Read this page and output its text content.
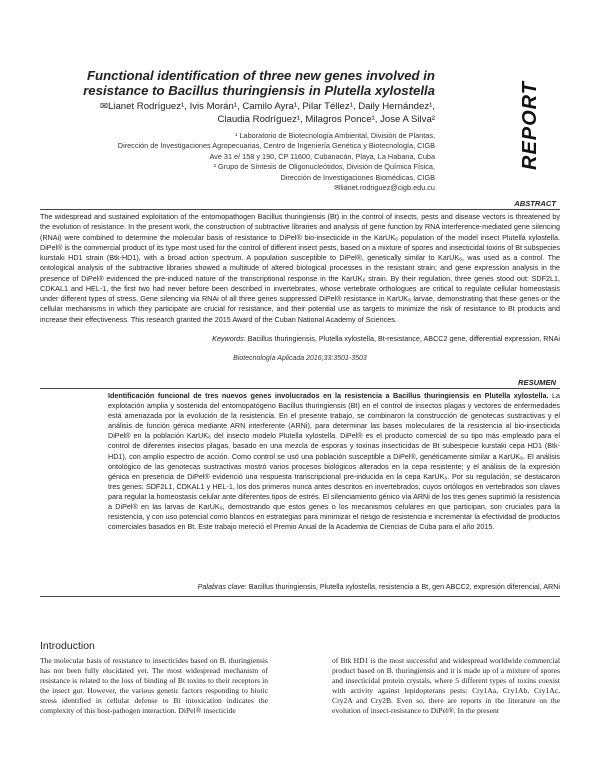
Functional identification of three new genes involved in
resistance to Bacillus thuringiensis in Plutella xylostella	REPORT
✉Lianet Rodríguez¹, Ivis Morán¹, Camilo Ayra¹, Pilar Téllez¹, Daily Hernández¹,
Claudia Rodríguez¹, Milagros Ponce¹, Jose A Silva²
¹ Laboratorio de Biotecnología Ambiental, División de Plantas,
Dirección de Investigaciones Agropecuarias, Centro de Ingeniería Genética y Biotecnología, CIGB
Ave 31 e/ 158 y 190, CP 11600, Cubanacán, Playa, La Habana, Cuba
² Grupo de Síntesis de Oligonucleótidos, División de Química Física,
Dirección de Investigaciones Biomédicas, CIGB
✉lianet.rodriguez@cigb.edu.cu
ABSTRACT
The widespread and sustained exploitation of the entomopathogen Bacillus thuringiensis (Bt) in the control of insects, pests and disease vectors is threatened by the evolution of resistance. In the present work, the construction of subtractive libraries and analysis of gene function by RNA interference-mediated gene silencing (RNAi) were combined to determine the molecular basis of resistance to DiPel® bio-insecticide in the KarUK₆ population of the model insect Plutella xylostella. DiPel® is the commercial product of its type most used for the control of different insect pests, based on a mixture of spores and insecticidal toxins of Bt subspecies kurstaki HD1 strain (Btk-HD1), with a broad action spectrum. A population susceptible to DiPel®, genetically similar to KarUK₆, was used as a control. The ontological analysis of the subtractive libraries showed a multitude of altered biological processes in the resistant strain; and gene expression analysis in the presence of DiPel® evidenced the pre-induced nature of the transcriptional response in the KarUK₆ strain. By their regulation, three genes stood out: SDF2L1, CDKAL1 and HEL-1, the first two had never before been described in invertebrates, whose vertebrate orthologues are critical to regulate cellular homeostasis under different types of stress. Gene silencing via RNAi of all three genes suppressed DiPel® resistance in KarUK₆ larvae, demonstrating that these genes or the cellular mechanisms in which they participate are crucial for resistance, and their potential use as targets to minimize the risk of resistance to Bt products and increase their effectiveness. This research granted the 2015 Award of the Cuban National Academy of Sciences.
Keywords: Bacillus thuringiensis, Plutella xylostella, Bt-resistance, ABCC2 gene, differential expression, RNAi
Biotecnología Aplicada 2016;33:3501-3503
RESUMEN
Identificación funcional de tres nuevos genes involucrados en la resistencia a Bacillus thuringiensis en Plutella xylostella. La explotación amplia y sostenida del entomopatógeno Bacillus thuringiensis (Bt) en el control de insectos plagas y vectores de enfermedades está amenazada por la evolución de la resistencia. En el presente trabajo, se combinaron la construcción de genotecas sustractivas y el análisis de función génica mediante ARN interferente (ARNi), para determinar las bases moleculares de la resistencia al bio-insecticida DiPel® en la población KarUK₆ del insecto modelo Plutella xylostella. DiPel® es el producto comercial de su tipo más empleado para el control de diferentes insectos plagas, basado en una mezcla de esporas y toxinas insecticidas de Bt subespecie kurstaki cepa HD1 (Btk-HD1), con amplio espectro de acción. Como control se usó una población susceptible a DiPel®, genéticamente similar a KarUK₆. El análisis ontológico de las genotecas sustractivas mostró varios procesos biológicos alterados en la cepa resistente; y el análisis de la expresión génica en presencia de DiPel® evidenció una respuesta transcripcional pre-inducida en la cepa KarUK₆. Por su regulación, se destacaron tres genes: SDF2L1, CDKAL1 y HEL-1, los dos primeros nunca antes descritos en invertebrados, cuyos ortólogos en vertebrados son claves para regular la homeostasis celular ante diferentes tipos de estrés. El silenciamiento génico vía ARNi de los tres genes suprimió la resistencia a DiPel® en las larvas de KarUK₆, demostrando que estos genes o los mecanismos celulares en que participan, son cruciales para la resistencia, y con uso potencial como blancos en estrategias para minimizar el riesgo de resistencia e incrementar la efectividad de productos comerciales basados en Bt. Este trabajo mereció el Premio Anual de la Academia de Ciencias de Cuba para el año 2015.
Palabras clave: Bacillus thuringiensis, Plutella xylostella, resistencia a Bt, gen ABCC2, expresión diferencial, ARNi
Introduction
The molecular basis of resistance to insecticides based on B. thuringiensis has not been fully elucidated yet. The most widespread mechanism of resistance is related to the loss of binding of Bt toxins to their receptors in the insect gut. However, the various genetic factors responding to biotic stress identified in cellular defense to Bt intoxication indicates the complexity of this host-pathogen interaction. DiPel® insecticide
of Btk HD1 is the most successful and widespread worldwide commercial product based on B. thuringiensis and it is made up of a mixture of spores and insecticidal protein crystals, where 5 different types of toxins coexist with activity against lepidopterans pests: Cry1Aa, Cry1Ab, Cry1Ac, Cry2A and Cry2B. Even so, there are reports in the literature on the evolution of insect-resistance to DiPel®. In the present
